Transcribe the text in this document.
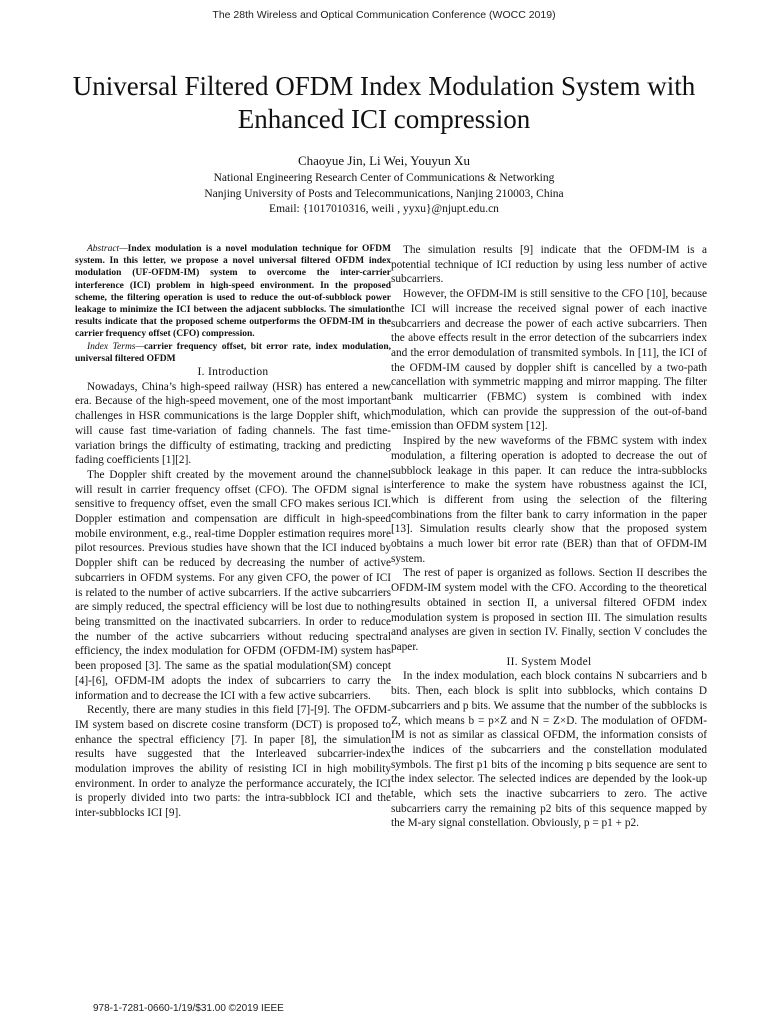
The 28th Wireless and Optical Communication Conference (WOCC 2019)
Universal Filtered OFDM Index Modulation System with Enhanced ICI compression
Chaoyue Jin, Li Wei, Youyun Xu
National Engineering Research Center of Communications & Networking
Nanjing University of Posts and Telecommunications, Nanjing 210003, China
Email: {1017010316, weili , yyxu}@njupt.edu.cn

Abstract—Index modulation is a novel modulation technique for OFDM system. In this letter, we propose a novel universal filtered OFDM index modulation (UF-OFDM-IM) system to overcome the inter-carrier interference (ICI) problem in high-speed environment. In the proposed scheme, the filtering operation is used to reduce the out-of-subblock power leakage to minimize the ICI between the adjacent subblocks. The simulation results indicate that the proposed scheme outperforms the OFDM-IM in the carrier frequency offset (CFO) compression.

Index Terms—carrier frequency offset, bit error rate, index modulation, universal filtered OFDM

I. Introduction

Nowadays, China’s high-speed railway (HSR) has entered a new era. Because of the high-speed movement, one of the most important challenges in HSR communications is the large Doppler shift, which will cause fast time-variation of fading channels. The fast time-variation brings the difficulty of estimating, tracking and predicting fading coefficients [1][2].

The Doppler shift created by the movement around the channel will result in carrier frequency offset (CFO). The OFDM signal is sensitive to frequency offset, even the small CFO makes serious ICI. Doppler estimation and compensation are difficult in high-speed mobile environment, e.g., real-time Doppler estimation requires more pilot resources. Previous studies have shown that the ICI induced by Doppler shift can be reduced by decreasing the number of active subcarriers in OFDM systems. For any given CFO, the power of ICI is related to the number of active subcarriers. If the active subcarriers are simply reduced, the spectral efficiency will be lost due to nothing being transmitted on the inactivated subcarriers. In order to reduce the number of the active subcarriers without reducing spectral efficiency, the index modulation for OFDM (OFDM-IM) system has been proposed [3]. The same as the spatial modulation(SM) concept [4]-[6], OFDM-IM adopts the index of subcarriers to carry the information and to decrease the ICI with a few active subcarriers.

Recently, there are many studies in this field [7]-[9]. The OFDM-IM system based on discrete cosine transform (DCT) is proposed to enhance the spectral efficiency [7]. In paper [8], the simulation results have suggested that the Interleaved subcarrier-index modulation improves the ability of resisting ICI in high mobility environment. In order to analyze the performance accurately, the ICI is properly divided into two parts: the intra-subblock ICI and the inter-subblocks ICI [9].

The simulation results [9] indicate that the OFDM-IM is a potential technique of ICI reduction by using less number of active subcarriers.

However, the OFDM-IM is still sensitive to the CFO [10], because the ICI will increase the received signal power of each inactive subcarriers and decrease the power of each active subcarriers. Then the above effects result in the error detection of the subcarriers index and the error demodulation of transmited symbols. In [11], the ICI of the OFDM-IM caused by doppler shift is cancelled by a two-path cancellation with symmetric mapping and mirror mapping. The filter bank multicarrier (FBMC) system is combined with index modulation, which can provide the suppression of the out-of-band emission than OFDM system [12].

Inspired by the new waveforms of the FBMC system with index modulation, a filtering operation is adopted to decrease the out of subblock leakage in this paper. It can reduce the intra-subblocks interference to make the system have robustness against the ICI, which is different from using the selection of the filtering combinations from the filter bank to carry information in the paper [13]. Simulation results clearly show that the proposed system obtains a much lower bit error rate (BER) than that of OFDM-IM system.

The rest of paper is organized as follows. Section II describes the OFDM-IM system model with the CFO. According to the theoretical results obtained in section II, a universal filtered OFDM index modulation system is proposed in section III. The simulation results and analyses are given in section IV. Finally, section V concludes the paper.

II. System Model

In the index modulation, each block contains N subcarriers and b bits. Then, each block is split into subblocks, which contains D subcarriers and p bits. We assume that the number of the subblocks is Z, which means b = p×Z and N = Z×D. The modulation of OFDM-IM is not as similar as classical OFDM, the information consists of the indices of the subcarriers and the constellation modulated symbols. The first p1 bits of the incoming p bits sequence are sent to the index selector. The selected indices are depended by the look-up table, which sets the inactive subcarriers to zero. The active subcarriers carry the remaining p2 bits of this sequence mapped by the M-ary signal constellation. Obviously, p = p1 + p2.

978-1-7281-0660-1/19/$31.00 ©2019 IEEE
